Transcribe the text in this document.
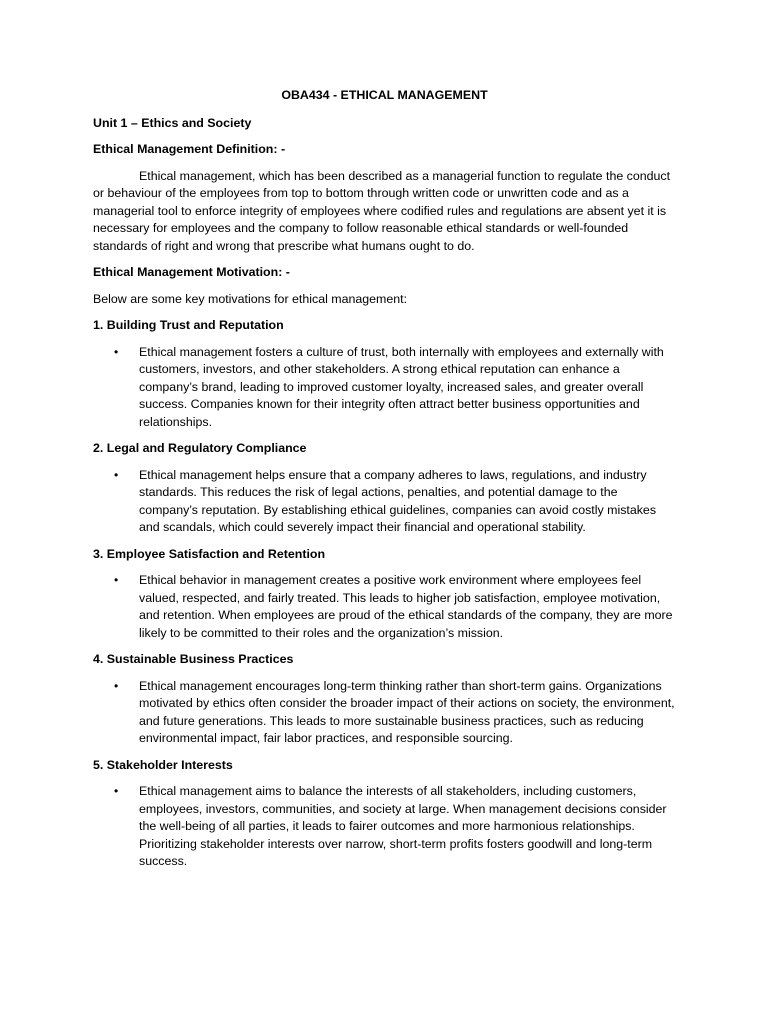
OBA434 - ETHICAL MANAGEMENT
Unit 1 – Ethics and Society
Ethical Management Definition: -
Ethical management, which has been described as a managerial function to regulate the conduct or behaviour of the employees from top to bottom through written code or unwritten code and as a managerial tool to enforce integrity of employees where codified rules and regulations are absent yet it is necessary for employees and the company to follow reasonable ethical standards or well-founded standards of right and wrong that prescribe what humans ought to do.
Ethical Management Motivation: -
Below are some key motivations for ethical management:
1. Building Trust and Reputation
• Ethical management fosters a culture of trust, both internally with employees and externally with customers, investors, and other stakeholders. A strong ethical reputation can enhance a company’s brand, leading to improved customer loyalty, increased sales, and greater overall success. Companies known for their integrity often attract better business opportunities and relationships.
2. Legal and Regulatory Compliance
• Ethical management helps ensure that a company adheres to laws, regulations, and industry standards. This reduces the risk of legal actions, penalties, and potential damage to the company’s reputation. By establishing ethical guidelines, companies can avoid costly mistakes and scandals, which could severely impact their financial and operational stability.
3. Employee Satisfaction and Retention
• Ethical behavior in management creates a positive work environment where employees feel valued, respected, and fairly treated. This leads to higher job satisfaction, employee motivation, and retention. When employees are proud of the ethical standards of the company, they are more likely to be committed to their roles and the organization’s mission.
4. Sustainable Business Practices
• Ethical management encourages long-term thinking rather than short-term gains. Organizations motivated by ethics often consider the broader impact of their actions on society, the environment, and future generations. This leads to more sustainable business practices, such as reducing environmental impact, fair labor practices, and responsible sourcing.
5. Stakeholder Interests
• Ethical management aims to balance the interests of all stakeholders, including customers, employees, investors, communities, and society at large. When management decisions consider the well-being of all parties, it leads to fairer outcomes and more harmonious relationships. Prioritizing stakeholder interests over narrow, short-term profits fosters goodwill and long-term success.
